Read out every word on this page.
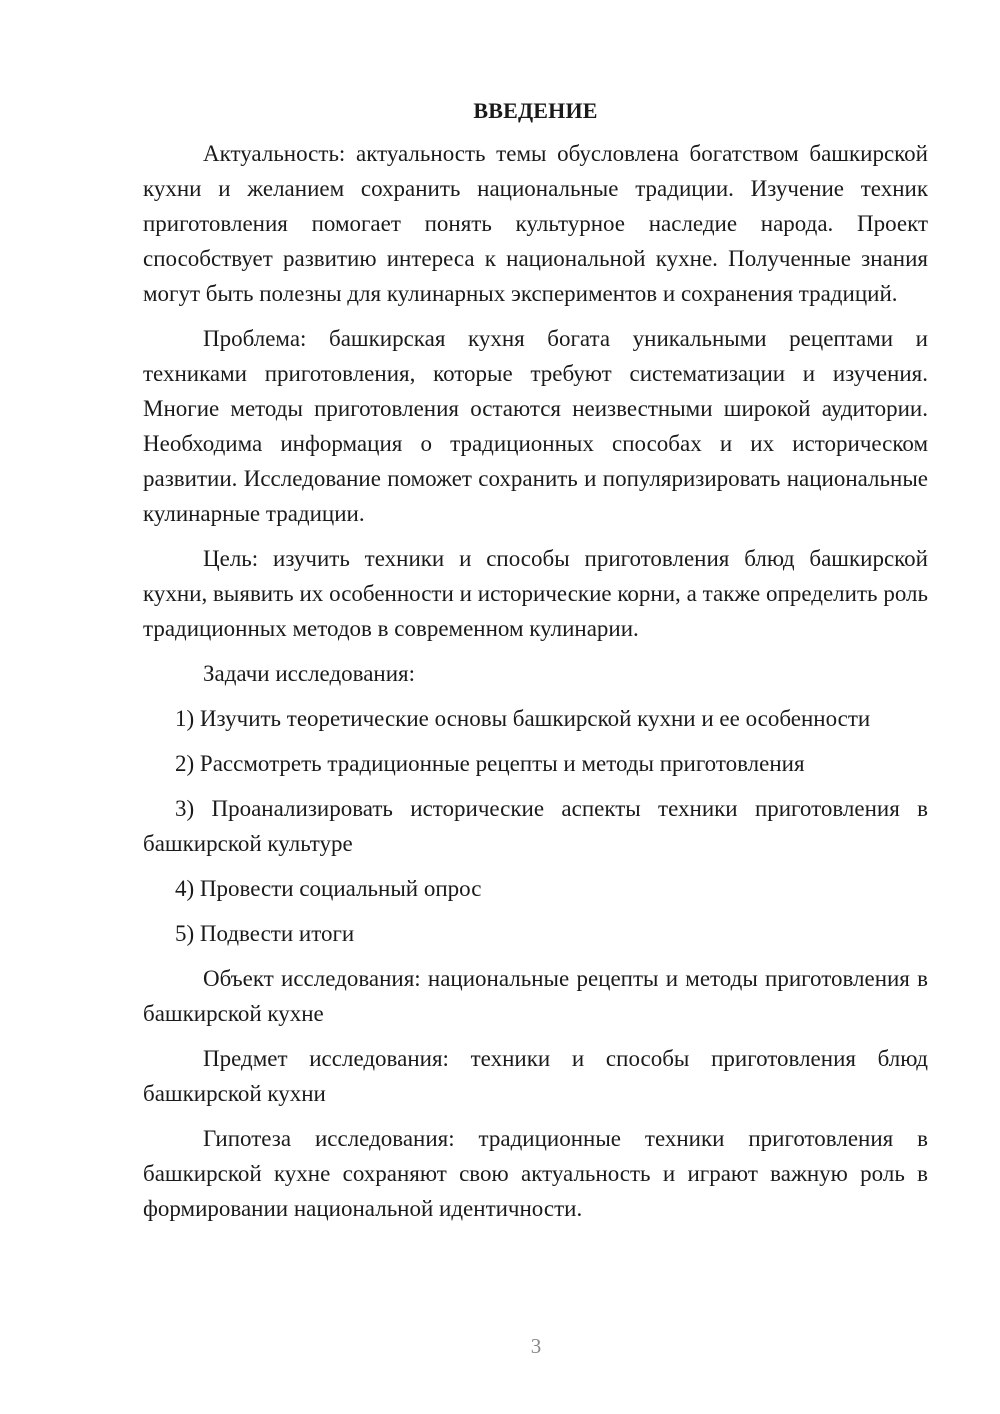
ВВЕДЕНИЕ

Актуальность: актуальность темы обусловлена богатством башкирской кухни и желанием сохранить национальные традиции. Изучение техник приготовления помогает понять культурное наследие народа. Проект способствует развитию интереса к национальной кухне. Полученные знания могут быть полезны для кулинарных экспериментов и сохранения традиций.

Проблема: башкирская кухня богата уникальными рецептами и техниками приготовления, которые требуют систематизации и изучения. Многие методы приготовления остаются неизвестными широкой аудитории. Необходима информация о традиционных способах и их историческом развитии. Исследование поможет сохранить и популяризировать национальные кулинарные традиции.

Цель: изучить техники и способы приготовления блюд башкирской кухни, выявить их особенности и исторические корни, а также определить роль традиционных методов в современном кулинарии.

Задачи исследования:

1) Изучить теоретические основы башкирской кухни и ее особенности

2) Рассмотреть традиционные рецепты и методы приготовления

3) Проанализировать исторические аспекты техники приготовления в башкирской культуре

4) Провести социальный опрос

5) Подвести итоги

Объект исследования: национальные рецепты и методы приготовления в башкирской кухне

Предмет исследования: техники и способы приготовления блюд башкирской кухни

Гипотеза исследования: традиционные техники приготовления в башкирской кухне сохраняют свою актуальность и играют важную роль в формировании национальной идентичности.

3
